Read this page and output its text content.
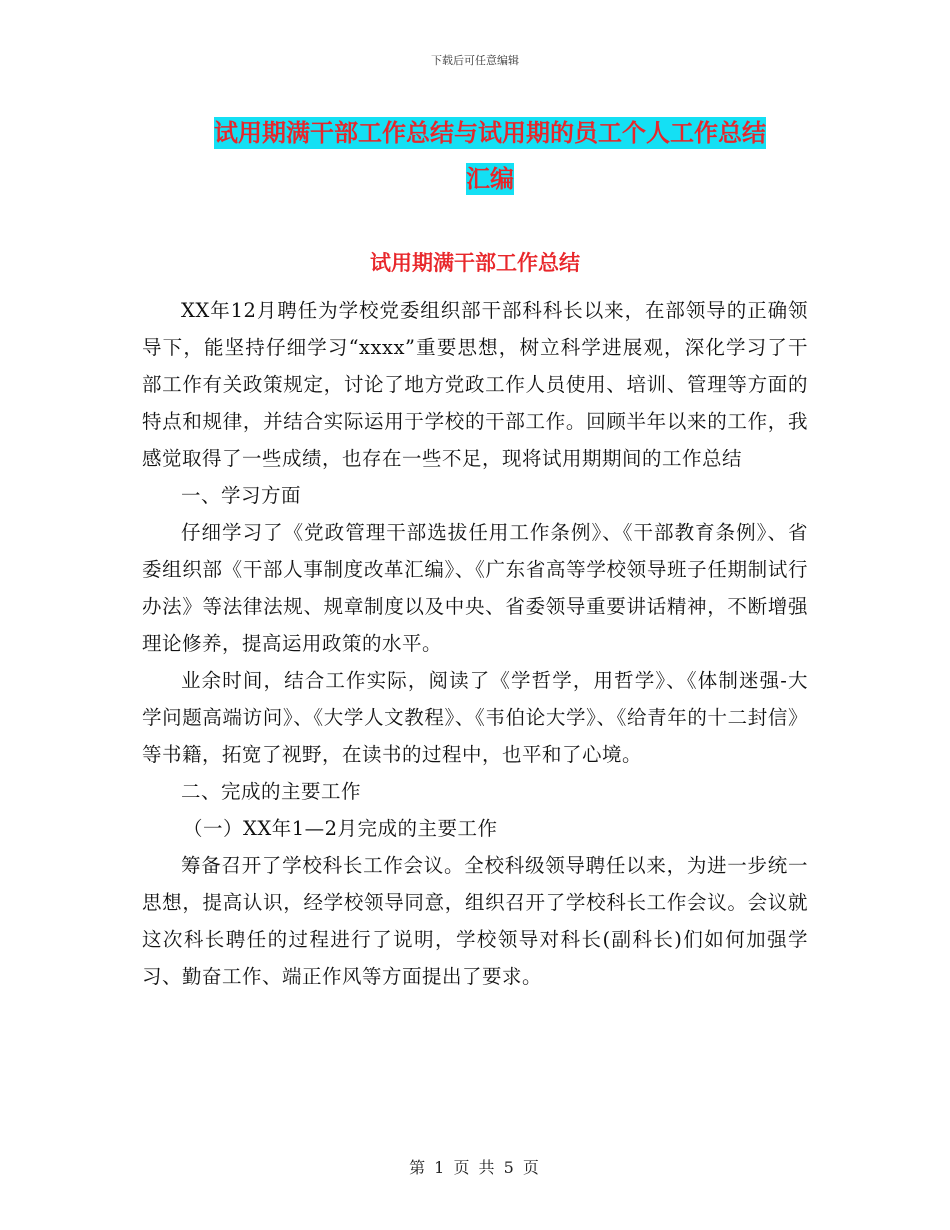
下载后可任意编辑
试用期满干部工作总结与试用期的员工个人工作总结
汇编
试用期满干部工作总结

XX年12月聘任为学校党委组织部干部科科长以来，在部领导的正确领导下，能坚持仔细学习“xxxx”重要思想，树立科学进展观，深化学习了干部工作有关政策规定，讨论了地方党政工作人员使用、培训、管理等方面的特点和规律，并结合实际运用于学校的干部工作。回顾半年以来的工作，我感觉取得了一些成绩，也存在一些不足，现将试用期期间的工作总结

一、学习方面

仔细学习了《党政管理干部选拔任用工作条例》、《干部教育条例》、省委组织部《干部人事制度改革汇编》、《广东省高等学校领导班子任期制试行办法》等法律法规、规章制度以及中央、省委领导重要讲话精神，不断增强理论修养，提高运用政策的水平。

业余时间，结合工作实际，阅读了《学哲学，用哲学》、《体制迷强-大学问题高端访问》、《大学人文教程》、《韦伯论大学》、《给青年的十二封信》等书籍，拓宽了视野，在读书的过程中，也平和了心境。

二、完成的主要工作

（一）XX年1—2月完成的主要工作

筹备召开了学校科长工作会议。全校科级领导聘任以来，为进一步统一思想，提高认识，经学校领导同意，组织召开了学校科长工作会议。会议就这次科长聘任的过程进行了说明，学校领导对科长(副科长)们如何加强学习、勤奋工作、端正作风等方面提出了要求。

第 1 页 共 5 页
